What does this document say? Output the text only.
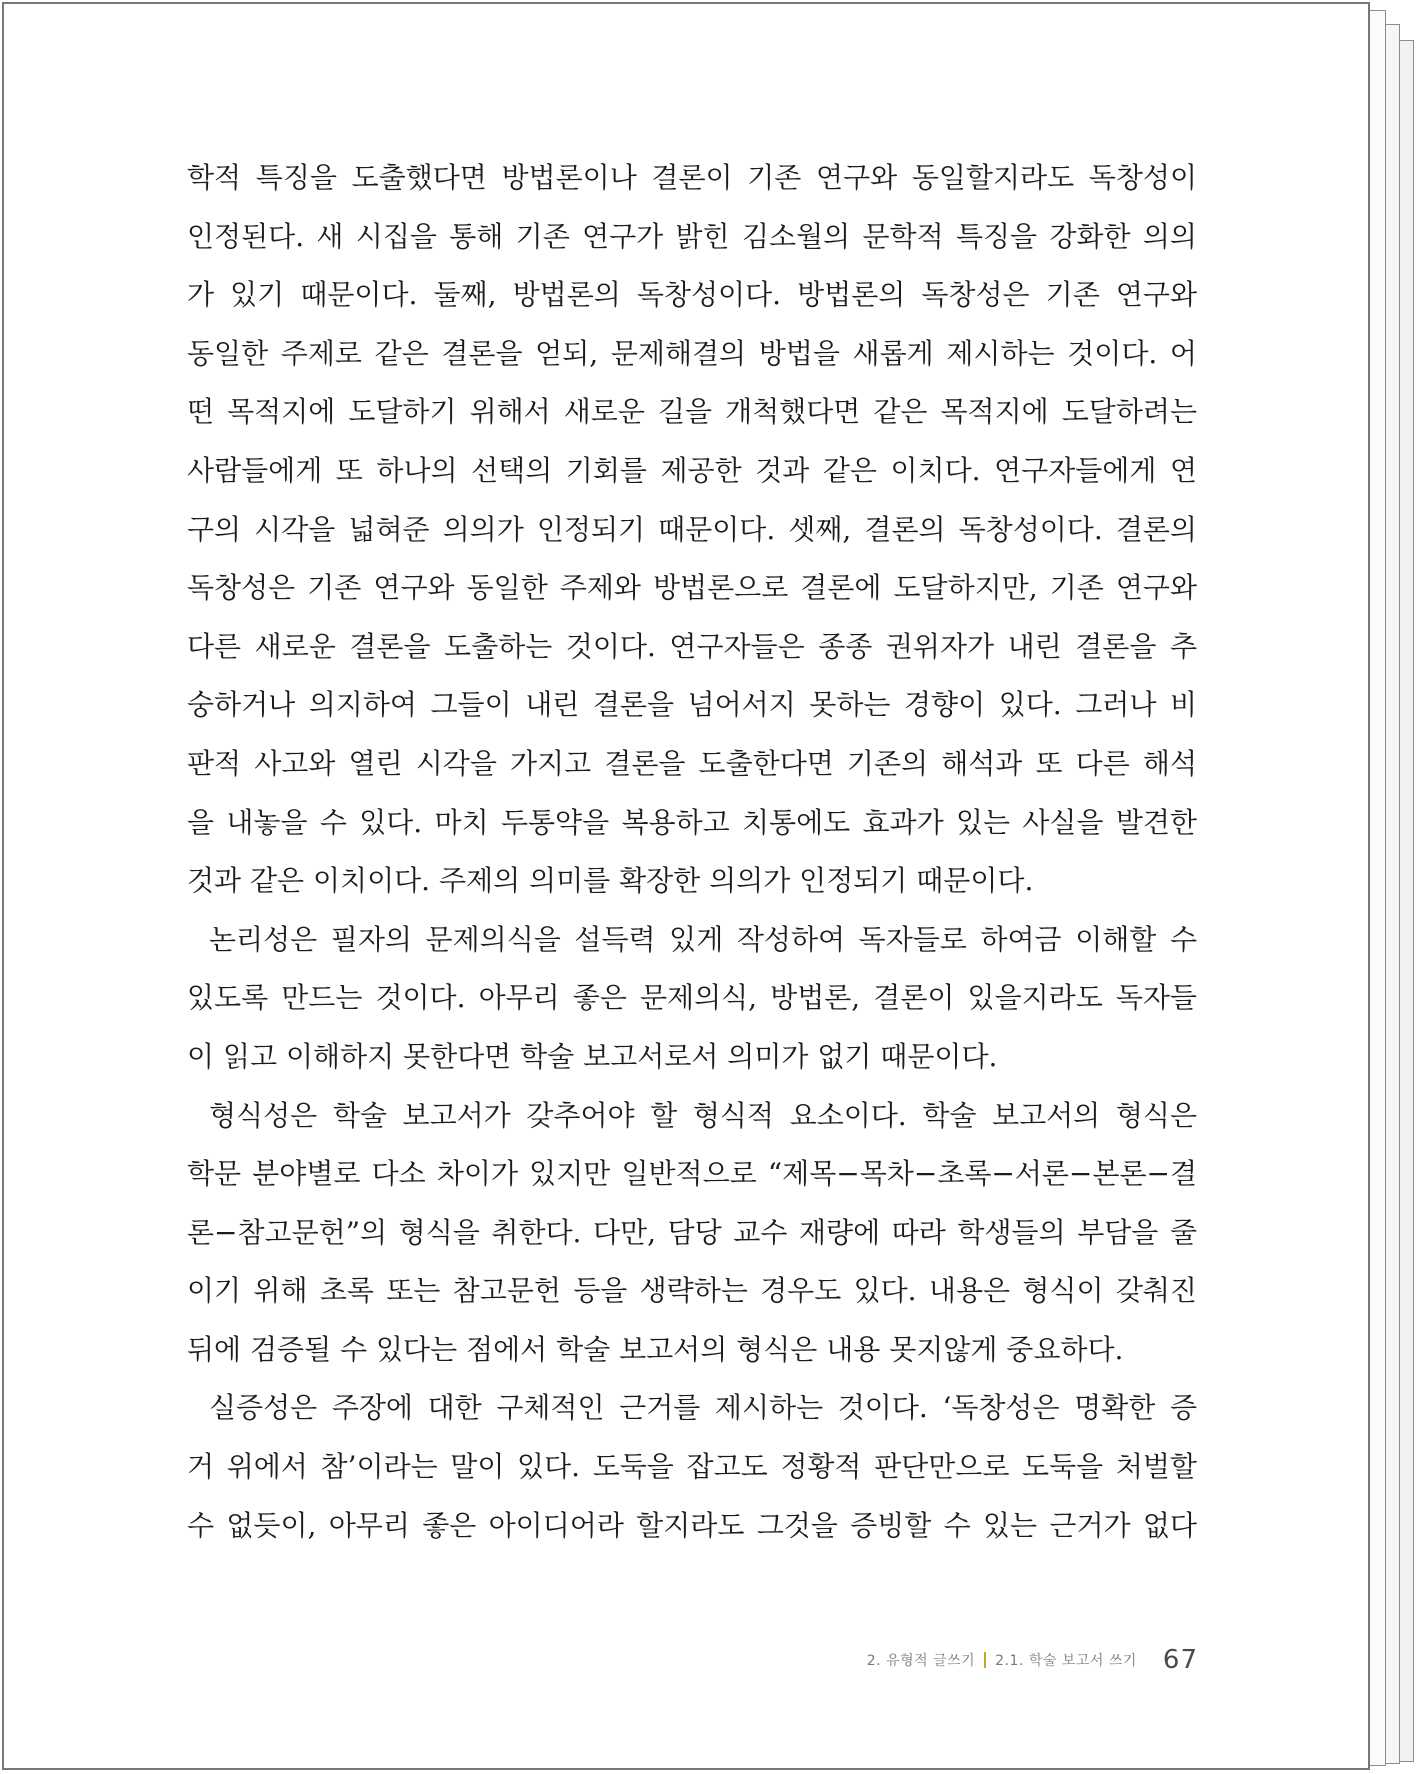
학적 특징을 도출했다면 방법론이나 결론이 기존 연구와 동일할지라도 독창성이
인정된다. 새 시집을 통해 기존 연구가 밝힌 김소월의 문학적 특징을 강화한 의의
가 있기 때문이다. 둘째, 방법론의 독창성이다. 방법론의 독창성은 기존 연구와
동일한 주제로 같은 결론을 얻되, 문제해결의 방법을 새롭게 제시하는 것이다. 어
떤 목적지에 도달하기 위해서 새로운 길을 개척했다면 같은 목적지에 도달하려는
사람들에게 또 하나의 선택의 기회를 제공한 것과 같은 이치다. 연구자들에게 연
구의 시각을 넓혀준 의의가 인정되기 때문이다. 셋째, 결론의 독창성이다. 결론의
독창성은 기존 연구와 동일한 주제와 방법론으로 결론에 도달하지만, 기존 연구와
다른 새로운 결론을 도출하는 것이다. 연구자들은 종종 권위자가 내린 결론을 추
숭하거나 의지하여 그들이 내린 결론을 넘어서지 못하는 경향이 있다. 그러나 비
판적 사고와 열린 시각을 가지고 결론을 도출한다면 기존의 해석과 또 다른 해석
을 내놓을 수 있다. 마치 두통약을 복용하고 치통에도 효과가 있는 사실을 발견한
것과 같은 이치이다. 주제의 의미를 확장한 의의가 인정되기 때문이다.
논리성은 필자의 문제의식을 설득력 있게 작성하여 독자들로 하여금 이해할 수
있도록 만드는 것이다. 아무리 좋은 문제의식, 방법론, 결론이 있을지라도 독자들
이 읽고 이해하지 못한다면 학술 보고서로서 의미가 없기 때문이다.
형식성은 학술 보고서가 갖추어야 할 형식적 요소이다. 학술 보고서의 형식은
학문 분야별로 다소 차이가 있지만 일반적으로 “제목−목차−초록−서론−본론−결
론−참고문헌”의 형식을 취한다. 다만, 담당 교수 재량에 따라 학생들의 부담을 줄
이기 위해 초록 또는 참고문헌 등을 생략하는 경우도 있다. 내용은 형식이 갖춰진
뒤에 검증될 수 있다는 점에서 학술 보고서의 형식은 내용 못지않게 중요하다.
실증성은 주장에 대한 구체적인 근거를 제시하는 것이다. ‘독창성은 명확한 증
거 위에서 참’이라는 말이 있다. 도둑을 잡고도 정황적 판단만으로 도둑을 처벌할
수 없듯이, 아무리 좋은 아이디어라 할지라도 그것을 증빙할 수 있는 근거가 없다
2. 유형적 글쓰기 2.1. 학술 보고서 쓰기 67
